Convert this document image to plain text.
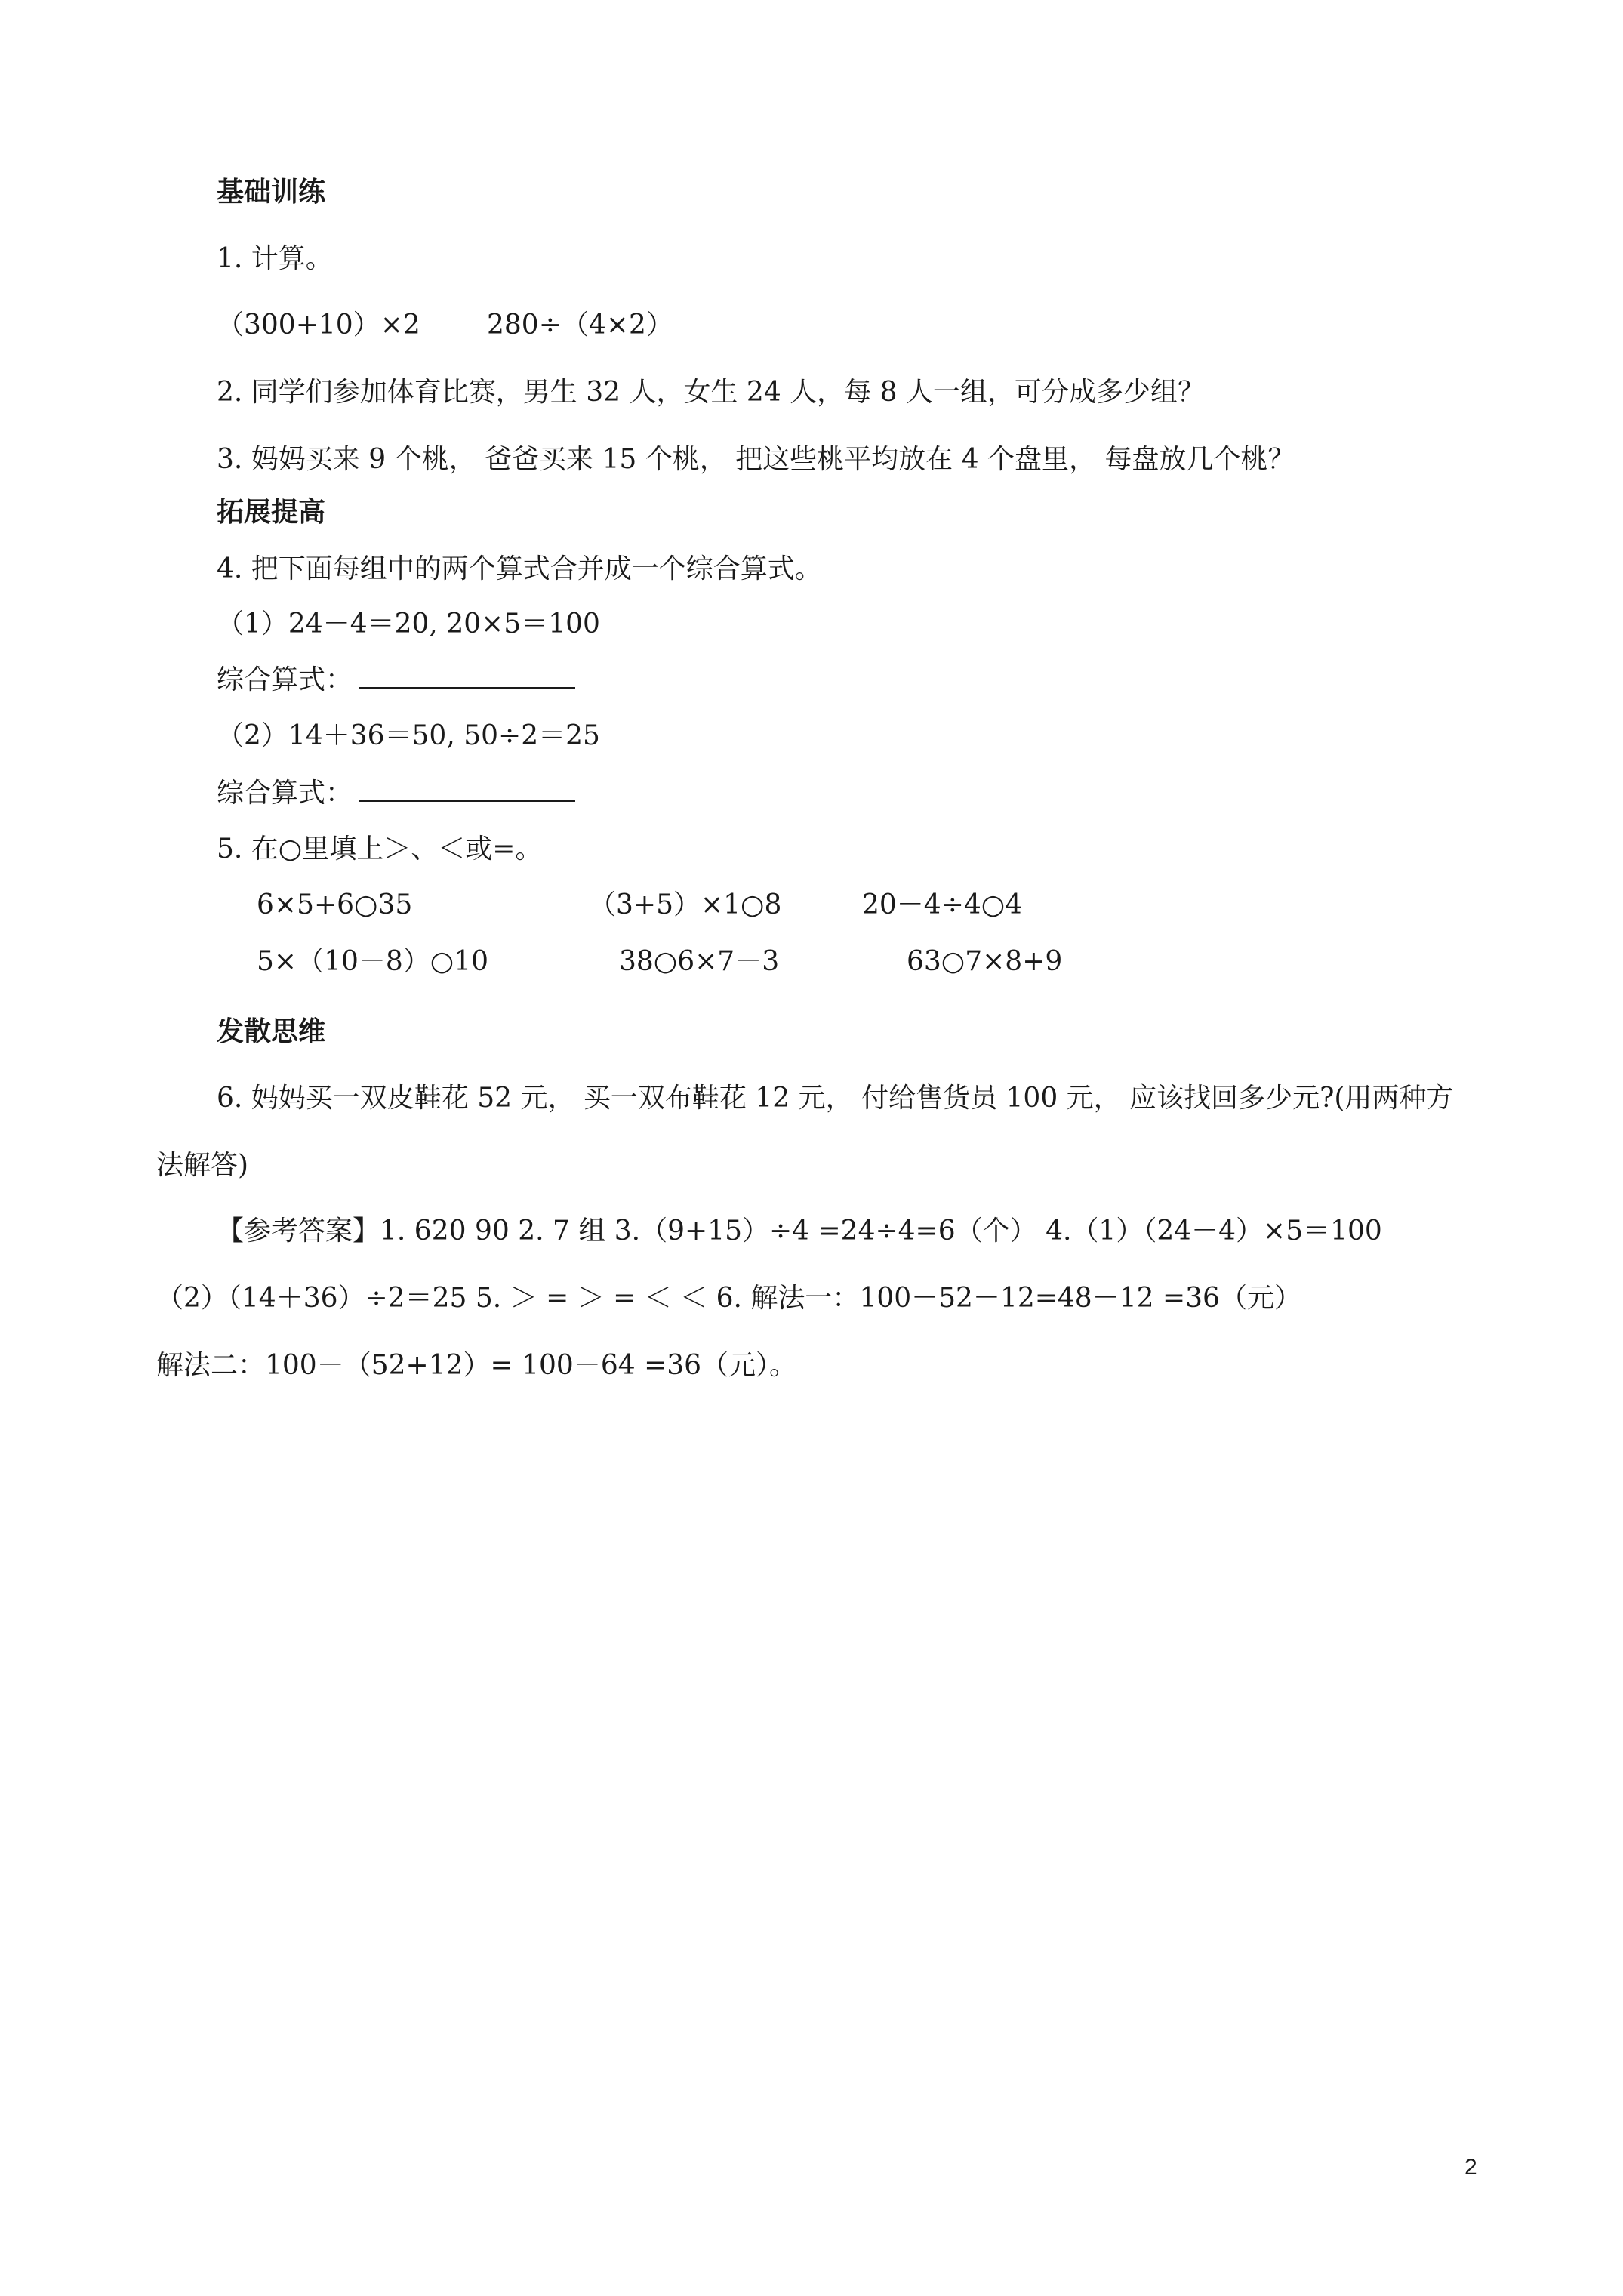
基础训练
1. 计算。
（300+10）×2 280÷（4×2）
2. 同学们参加体育比赛，男生 32 人，女生 24 人，每 8 人一组，可分成多少组？
3. 妈妈买来 9 个桃， 爸爸买来 15 个桃， 把这些桃平均放在 4 个盘里， 每盘放几个桃？
拓展提高
4. 把下面每组中的两个算式合并成一个综合算式。
（1）24－4＝20, 20×5＝100
综合算式：
（2）14＋36＝50, 50÷2＝25
综合算式：
5. 在○里填上＞、＜或=。
6×5+6○35	（3+5）×1○8	20－4÷4○4
5×（10－8）○10	38○6×7－3	63○7×8+9
发散思维
6. 妈妈买一双皮鞋花 52 元， 买一双布鞋花 12 元， 付给售货员 100 元， 应该找回多少元?(用两种方
法解答)
【参考答案】1. 620 90 2. 7 组 3.（9+15）÷4 =24÷4=6（个） 4.（1）（24－4）×5＝100
（2）（14＋36）÷2＝25 5. ＞ = ＞ = ＜ ＜ 6. 解法一：100－52－12=48－12 =36（元）
解法二：100－（52+12）= 100－64 =36（元）。
2
